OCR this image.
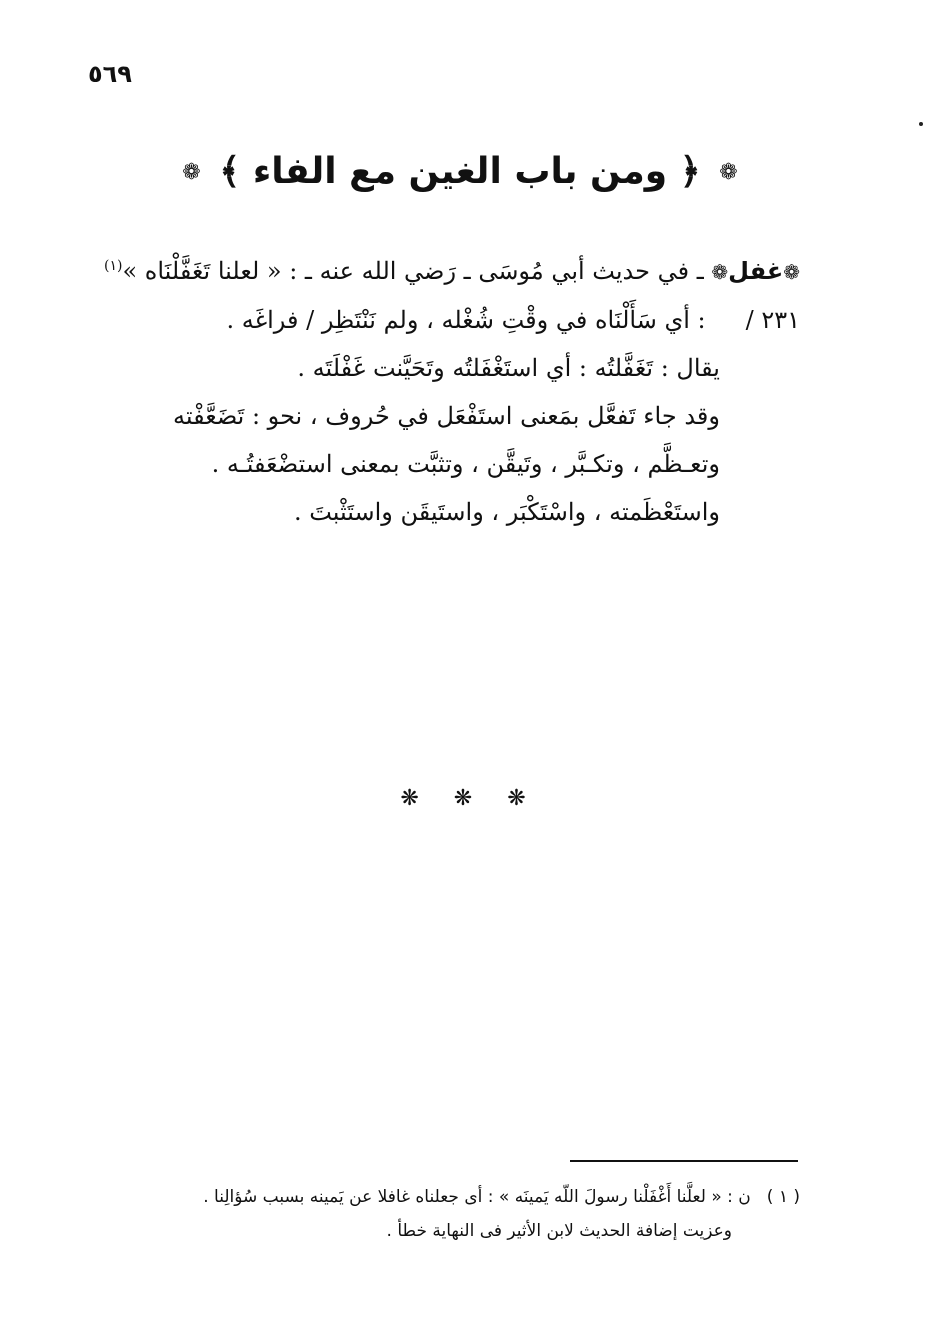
٥٦٩
❁ ﴿ ومن باب الغين مع الفاء ﴾ ❁
❁غفل❁ ـ في حديث أبي مُوسَى ـ رَضي الله عنه ـ : « لعلنا تَغَفَّلْنَاه »$^{(١)}$
٢٣١ /: أي سَأَلْنَاه في وقْتِ شُغْله ، ولم نَنْتَظِر / فراغَه .
يقال : تَغَفَّلتُه : أي استَغْفَلتُه وتَحَيَّنت غَفْلَتَه .
وقد جاء تَفعَّل بمَعنى استَفْعَل في حُروف ، نحو : تَضَعَّفْته
وتعـظَّم ، وتكـبَّر ، وتَيقَّن ، وتثبَّت بمعنى استضْعَفتُـه .
واستَعْظَمته ، واسْتَكْبَر ، واستَيقَن واستَثْبتَ .
❋ ❋ ❋
( ١ )ن : « لعلَّنا أَغْفَلْنا رسولَ اللّه يَمينَه » : أى جعلناه غافلا عن يَمينه بسبب سُؤالِنا .
وعزيت إضافة الحديث لابن الأثير فى النهاية خطأ .
